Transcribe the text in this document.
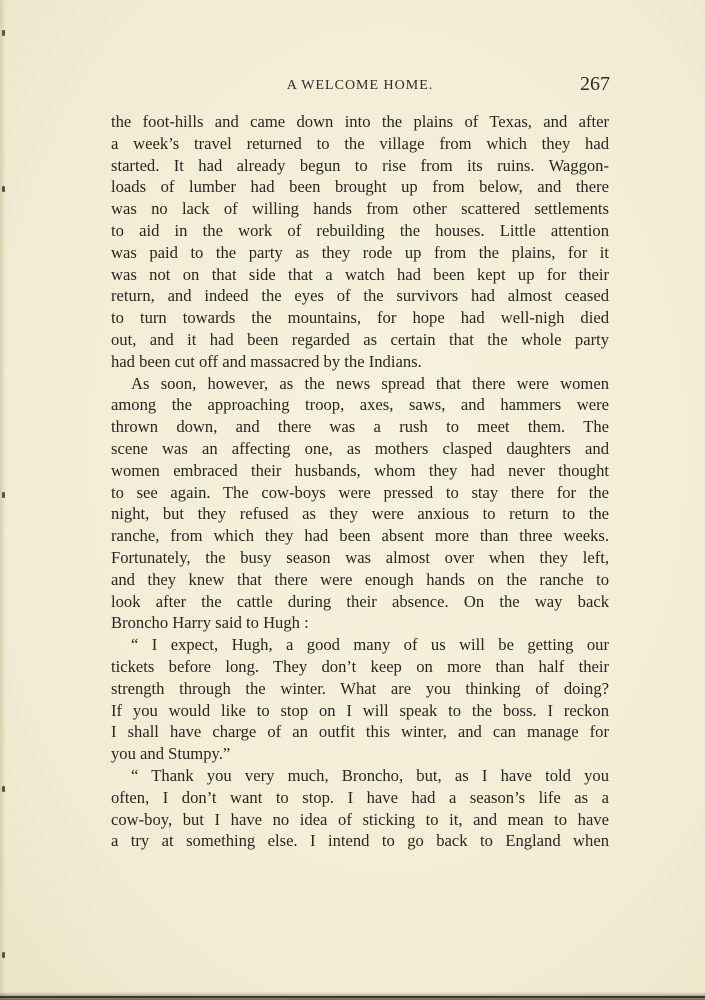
A WELCOME HOME.	267
the foot-hills and came down into the plains of Texas, and after
a week’s travel returned to the village from which they had
started. It had already begun to rise from its ruins. Waggon-
loads of lumber had been brought up from below, and there
was no lack of willing hands from other scattered settlements
to aid in the work of rebuilding the houses. Little attention
was paid to the party as they rode up from the plains, for it
was not on that side that a watch had been kept up for their
return, and indeed the eyes of the survivors had almost ceased
to turn towards the mountains, for hope had well-nigh died
out, and it had been regarded as certain that the whole party
had been cut off and massacred by the Indians.
As soon, however, as the news spread that there were women
among the approaching troop, axes, saws, and hammers were
thrown down, and there was a rush to meet them. The
scene was an affecting one, as mothers clasped daughters and
women embraced their husbands, whom they had never thought
to see again. The cow-boys were pressed to stay there for the
night, but they refused as they were anxious to return to the
ranche, from which they had been absent more than three weeks.
Fortunately, the busy season was almost over when they left,
and they knew that there were enough hands on the ranche to
look after the cattle during their absence. On the way back
Broncho Harry said to Hugh :
“ I expect, Hugh, a good many of us will be getting our
tickets before long. They don’t keep on more than half their
strength through the winter. What are you thinking of doing?
If you would like to stop on I will speak to the boss. I reckon
I shall have charge of an outfit this winter, and can manage for
you and Stumpy.”
“ Thank you very much, Broncho, but, as I have told you
often, I don’t want to stop. I have had a season’s life as a
cow-boy, but I have no idea of sticking to it, and mean to have
a try at something else. I intend to go back to England when
